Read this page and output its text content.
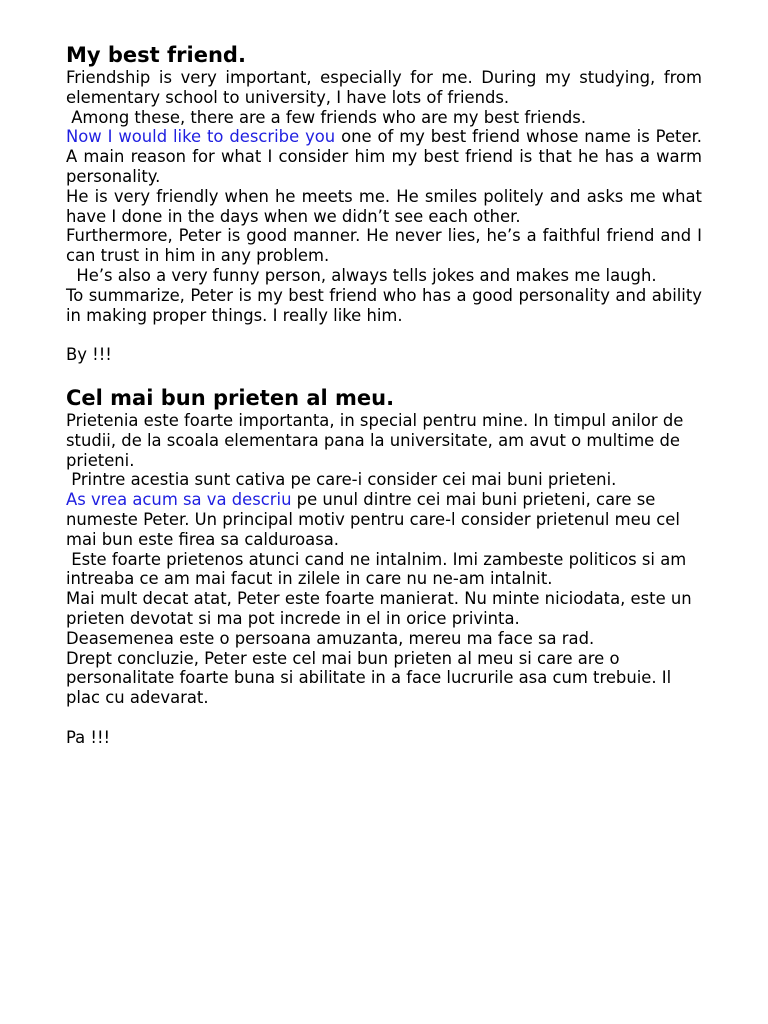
My best friend.

Friendship is very important, especially for me. During my studying, from elementary school to university, I have lots of friends.

Among these, there are a few friends who are my best friends.

Now I would like to describe you one of my best friend whose name is Peter. A main reason for what I consider him my best friend is that he has a warm personality.

He is very friendly when he meets me. He smiles politely and asks me what have I done in the days when we didn’t see each other.

Furthermore, Peter is good manner. He never lies, he’s a faithful friend and I can trust in him in any problem.

He’s also a very funny person, always tells jokes and makes me laugh.

To summarize, Peter is my best friend who has a good personality and ability in making proper things. I really like him.

By !!!

Cel mai bun prieten al meu.

Prietenia este foarte importanta, in special pentru mine. In timpul anilor de studii, de la scoala elementara pana la universitate, am avut o multime de prieteni.

Printre acestia sunt cativa pe care-i consider cei mai buni prieteni.

As vrea acum sa va descriu pe unul dintre cei mai buni prieteni, care se numeste Peter. Un principal motiv pentru care-l consider prietenul meu cel mai bun este firea sa calduroasa.

Este foarte prietenos atunci cand ne intalnim. Imi zambeste politicos si am intreaba ce am mai facut in zilele in care nu ne-am intalnit.

Mai mult decat atat, Peter este foarte manierat. Nu minte niciodata, este un prieten devotat si ma pot increde in el in orice privinta.

Deasemenea este o persoana amuzanta, mereu ma face sa rad.

Drept concluzie, Peter este cel mai bun prieten al meu si care are o personalitate foarte buna si abilitate in a face lucrurile asa cum trebuie. Il plac cu adevarat.

Pa !!!
